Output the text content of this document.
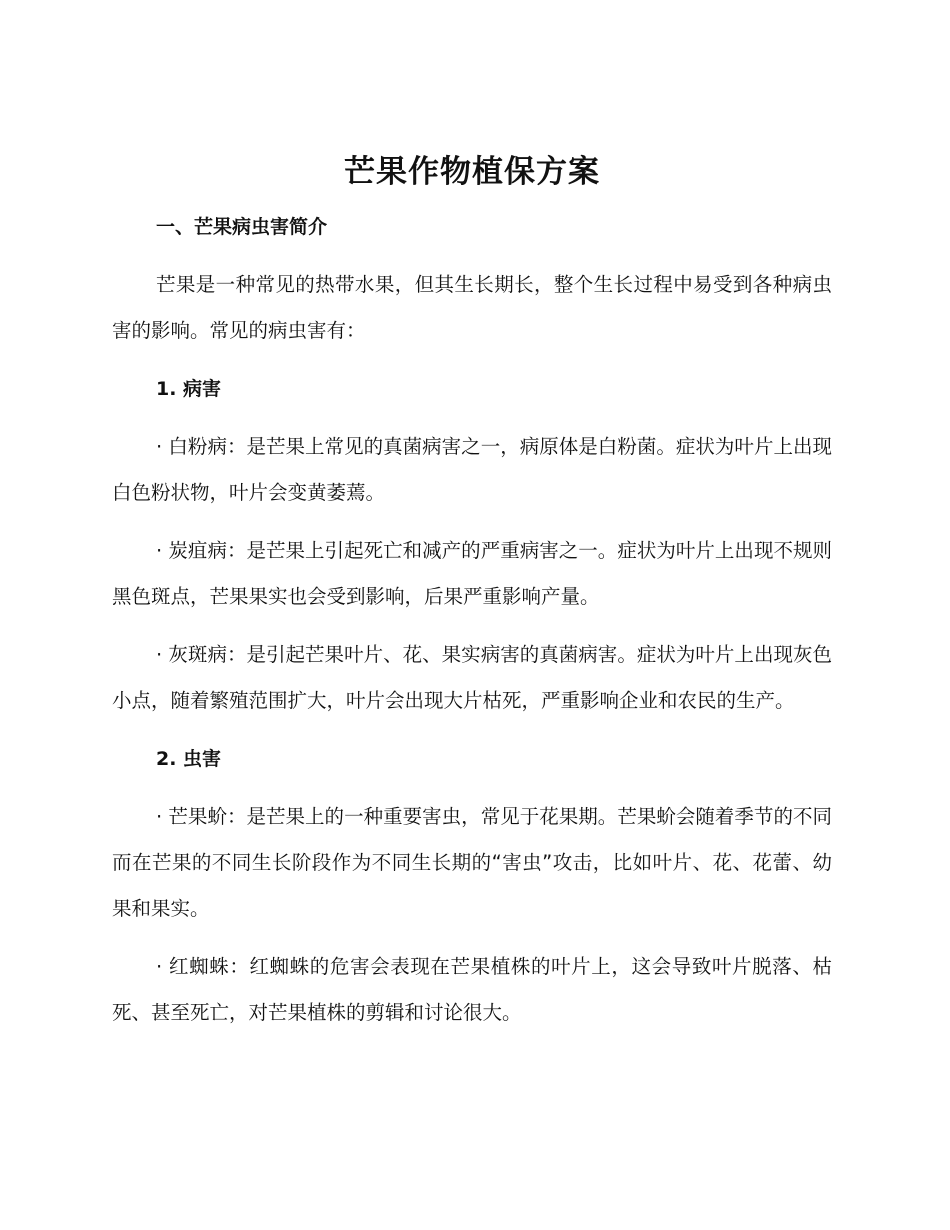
芒果作物植保方案
一、芒果病虫害简介

芒果是一种常见的热带水果，但其生长期长，整个生长过程中易受到各种病虫害的影响。常见的病虫害有：

1. 病害

· 白粉病：是芒果上常见的真菌病害之一，病原体是白粉菌。症状为叶片上出现白色粉状物，叶片会变黄萎蔫。

· 炭疽病：是芒果上引起死亡和减产的严重病害之一。症状为叶片上出现不规则黑色斑点，芒果果实也会受到影响，后果严重影响产量。

· 灰斑病：是引起芒果叶片、花、果实病害的真菌病害。症状为叶片上出现灰色小点，随着繁殖范围扩大，叶片会出现大片枯死，严重影响企业和农民的生产。

2. 虫害

· 芒果蚧：是芒果上的一种重要害虫，常见于花果期。芒果蚧会随着季节的不同而在芒果的不同生长阶段作为不同生长期的“害虫”攻击，比如叶片、花、花蕾、幼果和果实。

· 红蜘蛛：红蜘蛛的危害会表现在芒果植株的叶片上，这会导致叶片脱落、枯死、甚至死亡，对芒果植株的剪辑和讨论很大。
